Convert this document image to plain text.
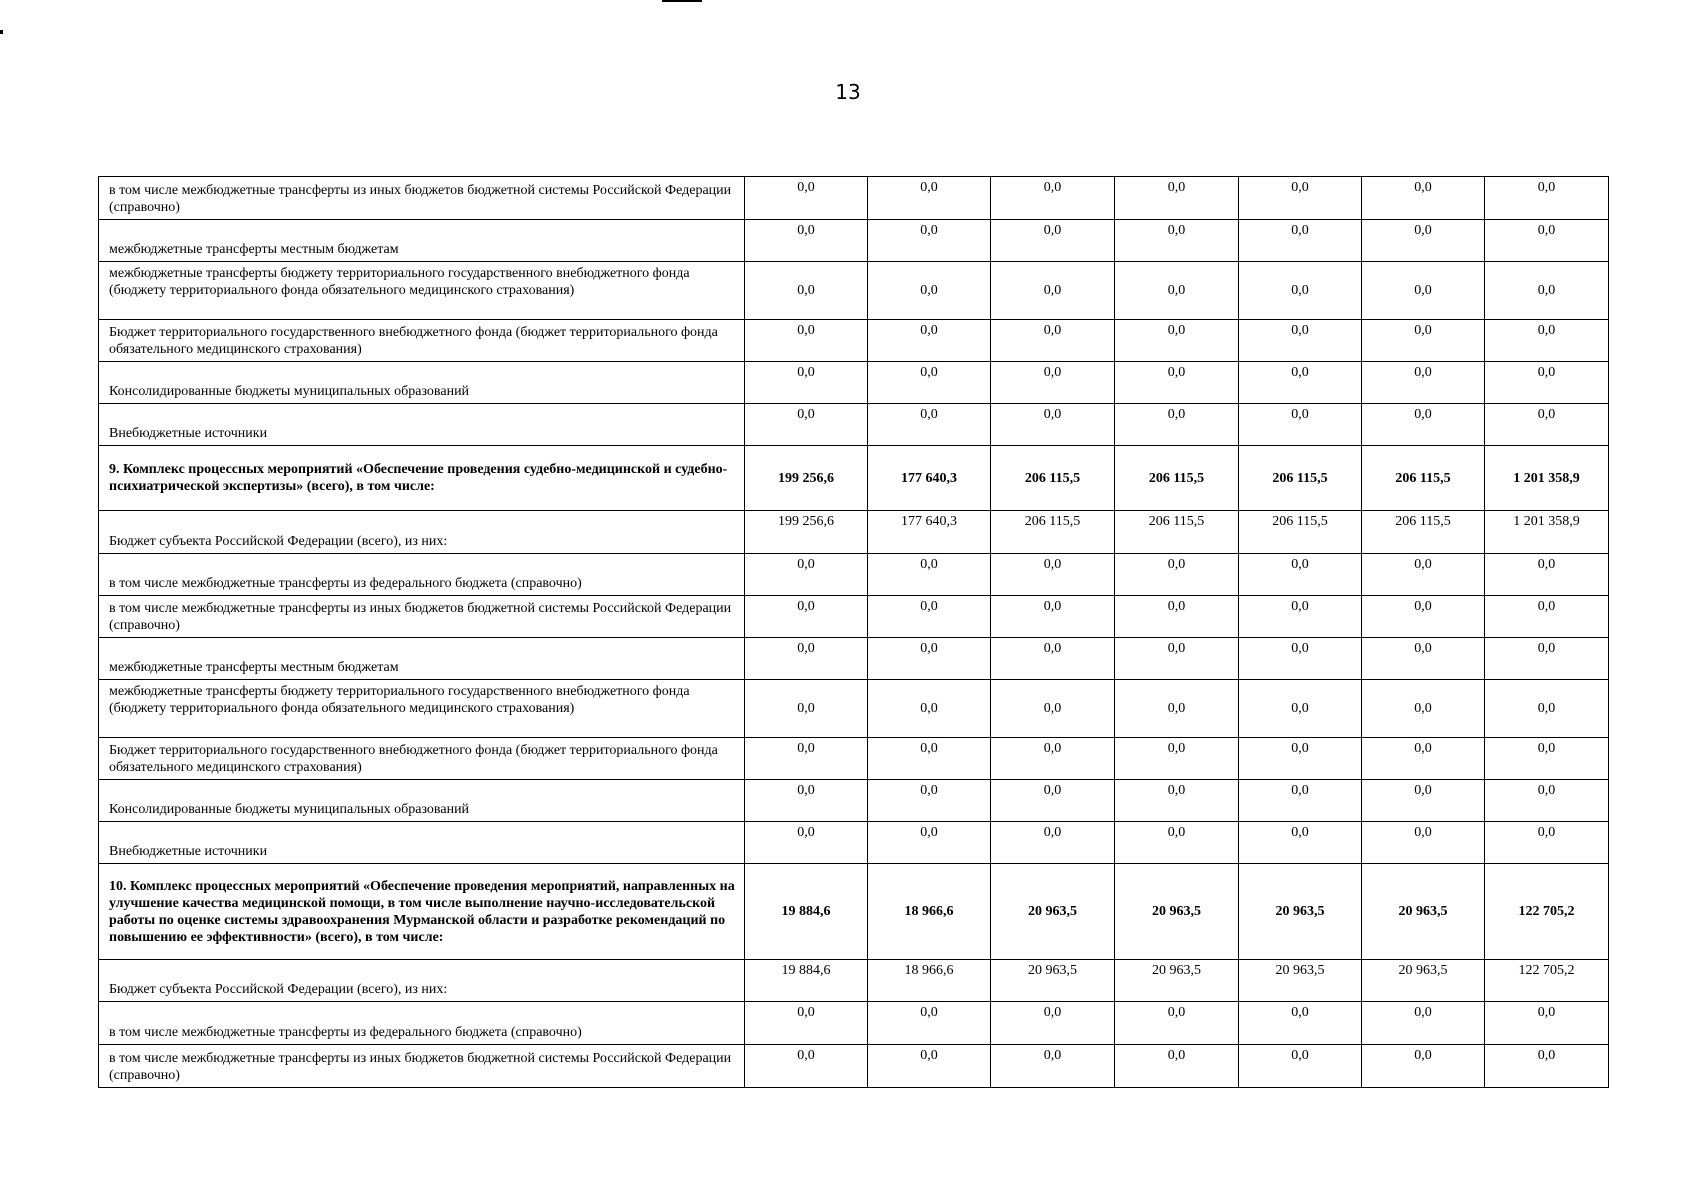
13
в том числе межбюджетные трансферты из иных бюджетов бюджетной системы Российской Федерации (справочно)	0,0	0,0	0,0	0,0	0,0	0,0	0,0
межбюджетные трансферты местным бюджетам	0,0	0,0	0,0	0,0	0,0	0,0	0,0
межбюджетные трансферты бюджету территориального государственного внебюджетного фонда (бюджету территориального фонда обязательного медицинского страхования)	0,0	0,0	0,0	0,0	0,0	0,0	0,0
Бюджет территориального государственного внебюджетного фонда (бюджет территориального фонда обязательного медицинского страхования)	0,0	0,0	0,0	0,0	0,0	0,0	0,0
Консолидированные бюджеты муниципальных образований	0,0	0,0	0,0	0,0	0,0	0,0	0,0
Внебюджетные источники	0,0	0,0	0,0	0,0	0,0	0,0	0,0
9. Комплекс процессных мероприятий «Обеспечение проведения судебно-медицинской и судебно-психиатрической экспертизы» (всего), в том числе:	199 256,6	177 640,3	206 115,5	206 115,5	206 115,5	206 115,5	1 201 358,9
Бюджет субъекта Российской Федерации (всего), из них:	199 256,6	177 640,3	206 115,5	206 115,5	206 115,5	206 115,5	1 201 358,9
в том числе межбюджетные трансферты из федерального бюджета (справочно)	0,0	0,0	0,0	0,0	0,0	0,0	0,0
в том числе межбюджетные трансферты из иных бюджетов бюджетной системы Российской Федерации (справочно)	0,0	0,0	0,0	0,0	0,0	0,0	0,0
межбюджетные трансферты местным бюджетам	0,0	0,0	0,0	0,0	0,0	0,0	0,0
межбюджетные трансферты бюджету территориального государственного внебюджетного фонда (бюджету территориального фонда обязательного медицинского страхования)	0,0	0,0	0,0	0,0	0,0	0,0	0,0
Бюджет территориального государственного внебюджетного фонда (бюджет территориального фонда обязательного медицинского страхования)	0,0	0,0	0,0	0,0	0,0	0,0	0,0
Консолидированные бюджеты муниципальных образований	0,0	0,0	0,0	0,0	0,0	0,0	0,0
Внебюджетные источники	0,0	0,0	0,0	0,0	0,0	0,0	0,0
10. Комплекс процессных мероприятий «Обеспечение проведения мероприятий, направленных на улучшение качества медицинской помощи, в том числе выполнение научно-исследовательской работы по оценке системы здравоохранения Мурманской области и разработке рекомендаций по повышению ее эффективности» (всего), в том числе:	19 884,6	18 966,6	20 963,5	20 963,5	20 963,5	20 963,5	122 705,2
Бюджет субъекта Российской Федерации (всего), из них:	19 884,6	18 966,6	20 963,5	20 963,5	20 963,5	20 963,5	122 705,2
в том числе межбюджетные трансферты из федерального бюджета (справочно)	0,0	0,0	0,0	0,0	0,0	0,0	0,0
в том числе межбюджетные трансферты из иных бюджетов бюджетной системы Российской Федерации (справочно)	0,0	0,0	0,0	0,0	0,0	0,0	0,0
